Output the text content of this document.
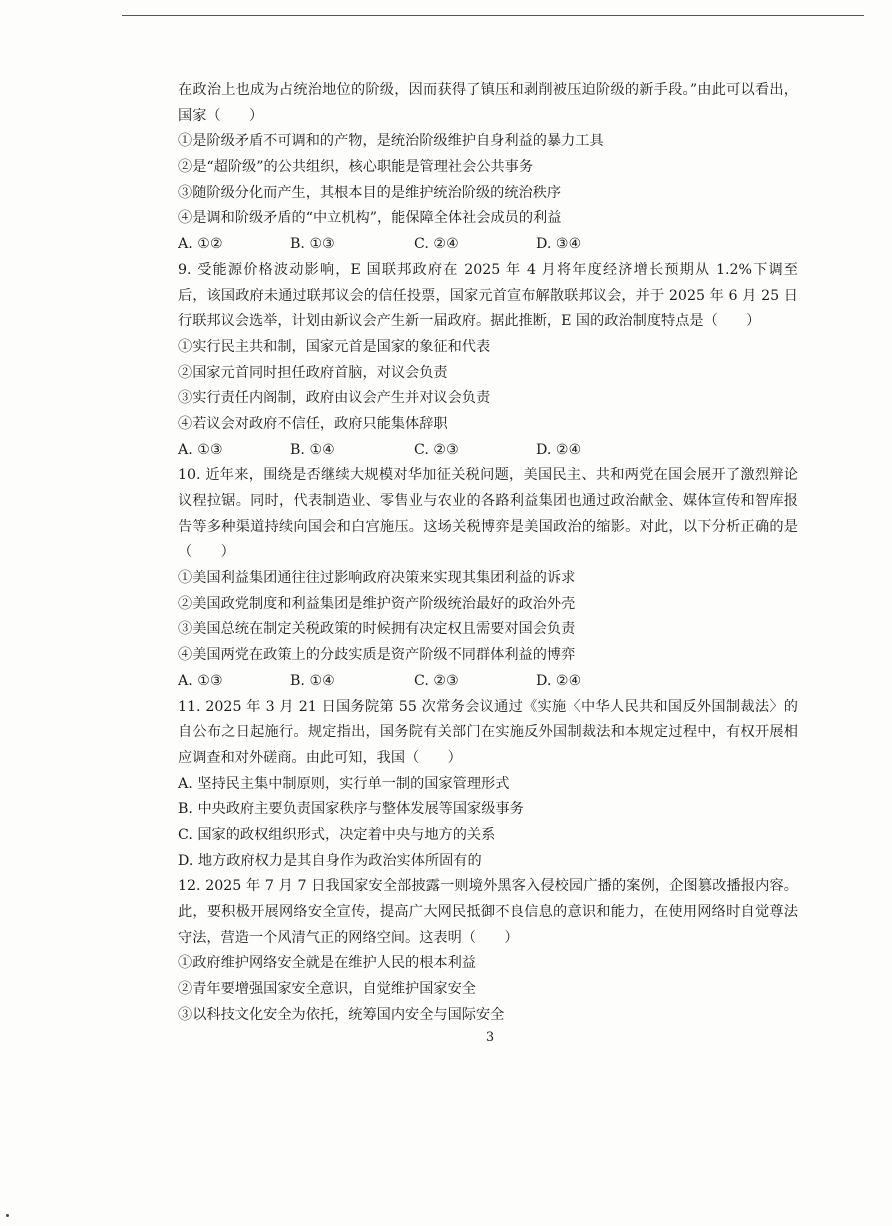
在政治上也成为占统治地位的阶级，因而获得了镇压和剥削被压迫阶级的新手段。”由此可以看出，
国家（　　）
①是阶级矛盾不可调和的产物，是统治阶级维护自身利益的暴力工具
②是“超阶级”的公共组织，核心职能是管理社会公共事务
③随阶级分化而产生，其根本目的是维护统治阶级的统治秩序
④是调和阶级矛盾的“中立机构”，能保障全体社会成员的利益
A. ①②	B. ①③	C. ②④	D. ③④
9. 受能源价格波动影响，E 国联邦政府在 2025 年 4 月将年度经济增长预期从 1.2%下调至
后，该国政府未通过联邦议会的信任投票，国家元首宣布解散联邦议会，并于 2025 年 6 月 25 日
行联邦议会选举，计划由新议会产生新一届政府。据此推断，E 国的政治制度特点是（　　）
①实行民主共和制，国家元首是国家的象征和代表
②国家元首同时担任政府首脑，对议会负责
③实行责任内阁制，政府由议会产生并对议会负责
④若议会对政府不信任，政府只能集体辞职
A. ①③	B. ①④	C. ②③	D. ②④
10. 近年来，围绕是否继续大规模对华加征关税问题，美国民主、共和两党在国会展开了激烈辩论
议程拉锯。同时，代表制造业、零售业与农业的各路利益集团也通过政治献金、媒体宣传和智库报
告等多种渠道持续向国会和白宫施压。这场关税博弈是美国政治的缩影。对此，以下分析正确的是
（　　）
①美国利益集团通往往过影响政府决策来实现其集团利益的诉求
②美国政党制度和利益集团是维护资产阶级统治最好的政治外壳
③美国总统在制定关税政策的时候拥有决定权且需要对国会负责
④美国两党在政策上的分歧实质是资产阶级不同群体利益的博弈
A. ①③	B. ①④	C. ②③	D. ②④
11. 2025 年 3 月 21 日国务院第 55 次常务会议通过《实施〈中华人民共和国反外国制裁法〉的
自公布之日起施行。规定指出，国务院有关部门在实施反外国制裁法和本规定过程中，有权开展相
应调查和对外磋商。由此可知，我国（　　）
A. 坚持民主集中制原则，实行单一制的国家管理形式
B. 中央政府主要负责国家秩序与整体发展等国家级事务
C. 国家的政权组织形式，决定着中央与地方的关系
D. 地方政府权力是其自身作为政治实体所固有的
12. 2025 年 7 月 7 日我国家安全部披露一则境外黑客入侵校园广播的案例，企图篡改播报内容。
此，要积极开展网络安全宣传，提高广大网民抵御不良信息的意识和能力，在使用网络时自觉尊法
守法，营造一个风清气正的网络空间。这表明（　　）
①政府维护网络安全就是在维护人民的根本利益
②青年要增强国家安全意识，自觉维护国家安全
③以科技文化安全为依托，统筹国内安全与国际安全
3
